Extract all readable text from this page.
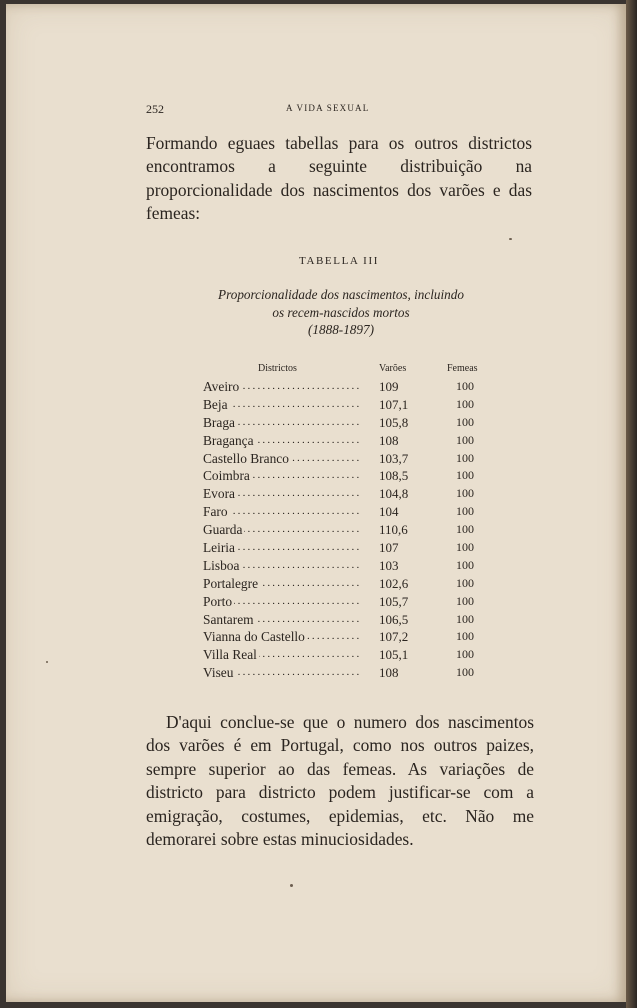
252	A VIDA SEXUAL

Formando eguaes tabellas para os outros districtos encontramos a seguinte distribuição na proporcionalidade dos nascimentos dos varões e das femeas:

TABELLA III
Proporcionalidade dos nascimentos, incluindo
os recem-nascidos mortos
(1888-1897)
Districtos	Varões	Femeas
Aveiro .....	109	100
Beja .....	107,1	100
Braga .....	105,8	100
Bragança .....	108	100
Castello Branco .....	103,7	100
Coimbra .....	108,5	100
Evora .....	104,8	100
Faro .....	104	100
Guarda .....	110,6	100
Leiria .....	107	100
Lisboa .....	103	100
Portalegre .....	102,6	100
Porto .....	105,7	100
Santarem .....	106,5	100
Vianna do Castello .....	107,2	100
Villa Real .....	105,1	100
Viseu .....	108	100

D'aqui conclue-se que o numero dos nascimentos dos varões é em Portugal, como nos outros paizes, sempre superior ao das femeas. As variações de districto para districto podem justificar-se com a emigração, costumes, epidemias, etc. Não me demorarei sobre estas minuciosidades.
